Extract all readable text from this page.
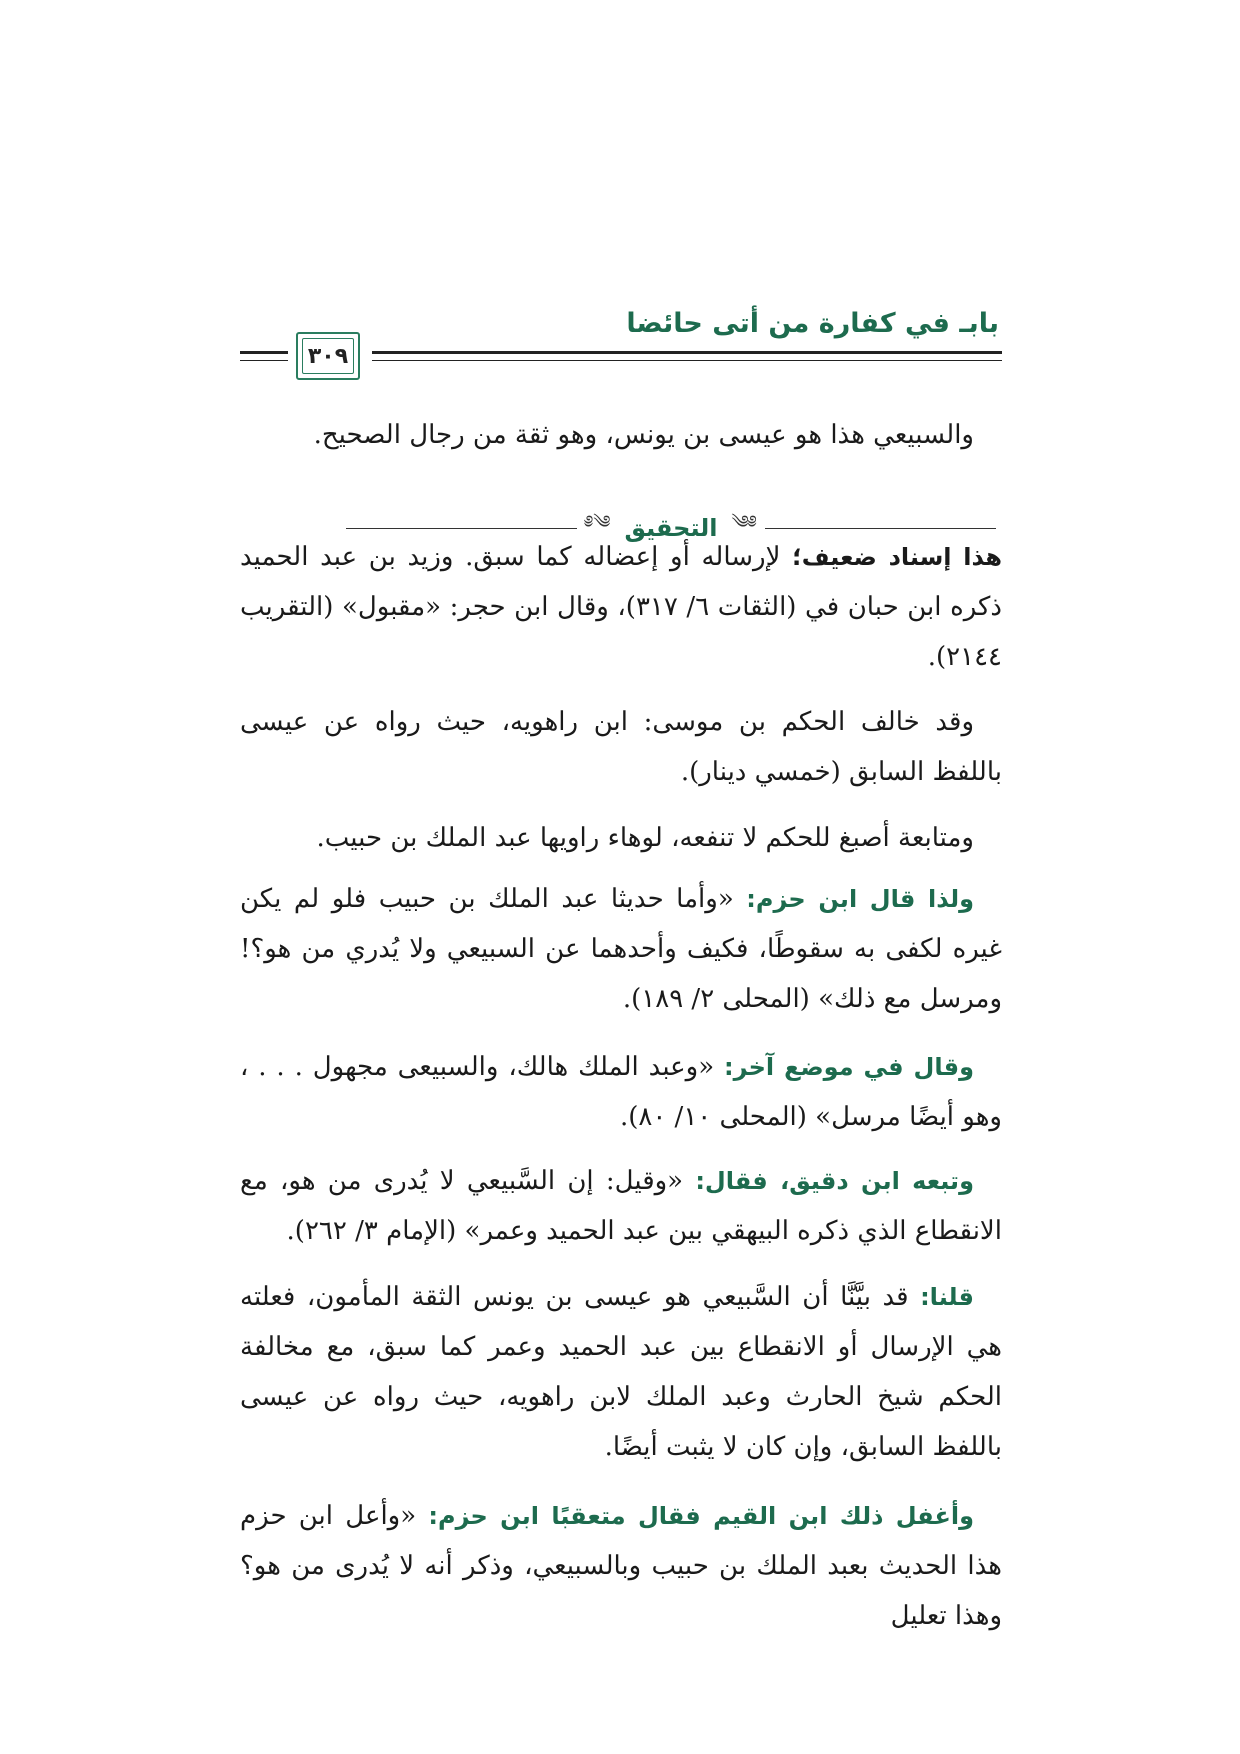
بابـ في كفارة من أتى حائضا
٣٠٩
والسبيعي هذا هو عيسى بن يونس، وهو ثقة من رجال الصحيح.
༄༅
التحقيق
༅༄
هذا إسناد ضعيف؛ لإرساله أو إعضاله كما سبق. وزيد بن عبد الحميد ذكره ابن حبان في (الثقات ٦/ ٣١٧)، وقال ابن حجر: «مقبول» (التقريب ٢١٤٤).
وقد خالف الحكم بن موسى: ابن راهويه، حيث رواه عن عيسى باللفظ السابق (خمسي دينار).
ومتابعة أصبغ للحكم لا تنفعه، لوهاء راويها عبد الملك بن حبيب.
ولذا قال ابن حزم: «وأما حديثا عبد الملك بن حبيب فلو لم يكن غيره لكفى به سقوطًا، فكيف وأحدهما عن السبيعي ولا يُدري من هو؟! ومرسل مع ذلك» (المحلى ٢/ ١٨٩).
وقال في موضع آخر: «وعبد الملك هالك، والسبيعى مجهول . . . ، وهو أيضًا مرسل» (المحلى ١٠/ ٨٠).
وتبعه ابن دقيق، فقال: «وقيل: إن السَّبيعي لا يُدرى من هو، مع الانقطاع الذي ذكره البيهقي بين عبد الحميد وعمر» (الإمام ٣/ ٢٦٢).
قلنا: قد بيَّنَّا أن السَّبيعي هو عيسى بن يونس الثقة المأمون، فعلته هي الإرسال أو الانقطاع بين عبد الحميد وعمر كما سبق، مع مخالفة الحكم شيخ الحارث وعبد الملك لابن راهويه، حيث رواه عن عيسى باللفظ السابق، وإن كان لا يثبت أيضًا.
وأغفل ذلك ابن القيم فقال متعقبًا ابن حزم: «وأعل ابن حزم هذا الحديث بعبد الملك بن حبيب وبالسبيعي، وذكر أنه لا يُدرى من هو؟ وهذا تعليل
